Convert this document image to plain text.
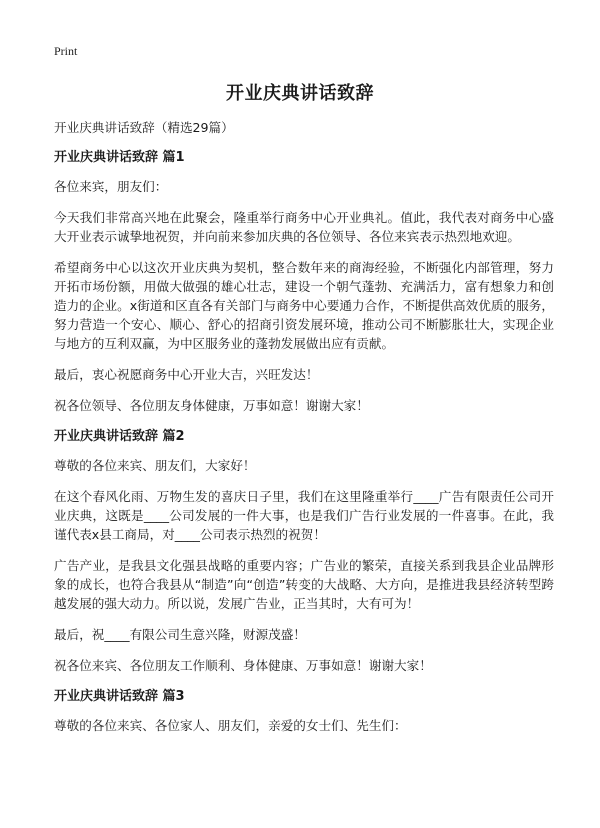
Print
开业庆典讲话致辞

开业庆典讲话致辞（精选29篇）

开业庆典讲话致辞 篇1

各位来宾，朋友们：

今天我们非常高兴地在此聚会，隆重举行商务中心开业典礼。值此，我代表对商务中心盛大开业表示诚挚地祝贺，并向前来参加庆典的各位领导、各位来宾表示热烈地欢迎。

希望商务中心以这次开业庆典为契机，整合数年来的商海经验，不断强化内部管理，努力开拓市场份额，用做大做强的雄心壮志，建设一个朝气蓬勃、充满活力，富有想象力和创造力的企业。x街道和区直各有关部门与商务中心要通力合作，不断提供高效优质的服务，努力营造一个安心、顺心、舒心的招商引资发展环境，推动公司不断膨胀壮大，实现企业与地方的互利双赢，为中区服务业的蓬勃发展做出应有贡献。

最后，衷心祝愿商务中心开业大吉，兴旺发达！

祝各位领导、各位朋友身体健康，万事如意！谢谢大家！

开业庆典讲话致辞 篇2

尊敬的各位来宾、朋友们，大家好！

在这个春风化雨、万物生发的喜庆日子里，我们在这里隆重举行____广告有限责任公司开业庆典，这既是____公司发展的一件大事，也是我们广告行业发展的一件喜事。在此，我谨代表x县工商局，对____公司表示热烈的祝贺！

广告产业，是我县文化强县战略的重要内容；广告业的繁荣，直接关系到我县企业品牌形象的成长，也符合我县从“制造”向“创造”转变的大战略、大方向，是推进我县经济转型跨越发展的强大动力。所以说，发展广告业，正当其时，大有可为！

最后，祝____有限公司生意兴隆，财源茂盛！

祝各位来宾、各位朋友工作顺利、身体健康、万事如意！谢谢大家！

开业庆典讲话致辞 篇3

尊敬的各位来宾、各位家人、朋友们，亲爱的女士们、先生们：
